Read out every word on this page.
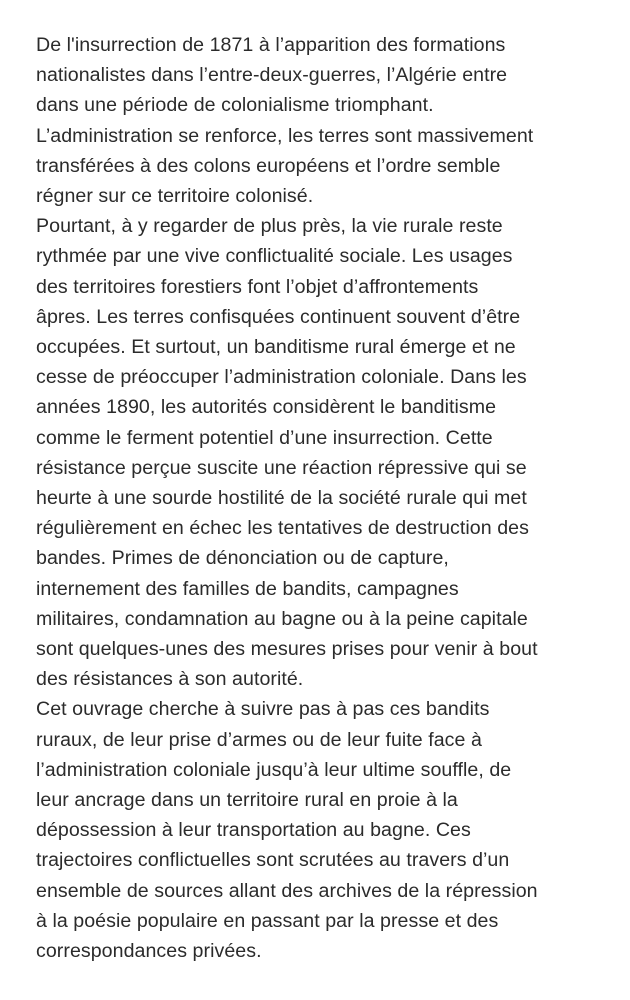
De l'insurrection de 1871 à l’apparition des formations
nationalistes dans l’entre-deux-guerres, l’Algérie entre
dans une période de colonialisme triomphant.

L’administration se renforce, les terres sont massivement
transférées à des colons européens et l’ordre semble
régner sur ce territoire colonisé.

Pourtant, à y regarder de plus près, la vie rurale reste
rythmée par une vive conflictualité sociale. Les usages
des territoires forestiers font l’objet d’affrontements
âpres. Les terres confisquées continuent souvent d’être
occupées. Et surtout, un banditisme rural émerge et ne
cesse de préoccuper l’administration coloniale. Dans les
années 1890, les autorités considèrent le banditisme
comme le ferment potentiel d’une insurrection. Cette
résistance perçue suscite une réaction répressive qui se
heurte à une sourde hostilité de la société rurale qui met
régulièrement en échec les tentatives de destruction des
bandes. Primes de dénonciation ou de capture,
internement des familles de bandits, campagnes
militaires, condamnation au bagne ou à la peine capitale
sont quelques-unes des mesures prises pour venir à bout
des résistances à son autorité.

Cet ouvrage cherche à suivre pas à pas ces bandits
ruraux, de leur prise d’armes ou de leur fuite face à
l’administration coloniale jusqu’à leur ultime souffle, de
leur ancrage dans un territoire rural en proie à la
dépossession à leur transportation au bagne. Ces
trajectoires conflictuelles sont scrutées au travers d’un
ensemble de sources allant des archives de la répression
à la poésie populaire en passant par la presse et des
correspondances privées.
